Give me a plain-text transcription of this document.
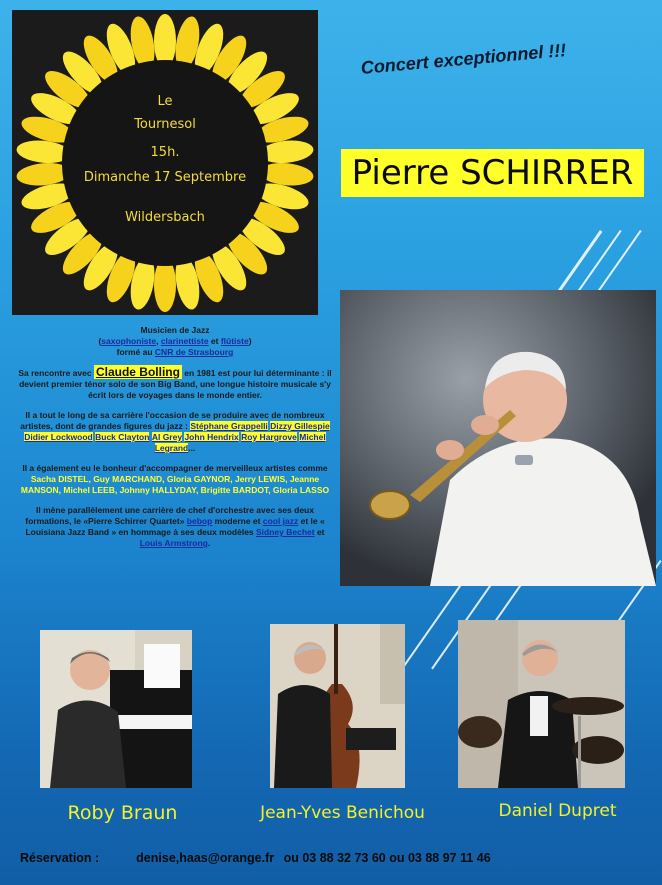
Le
Tournesol
15h.
Dimanche 17 Septembre
Wildersbach
Concert exceptionnel !!!
Pierre SCHIRRER

Musicien de Jazz
(saxophoniste, clarinettiste et flûtiste)
formé au CNR de Strasbourg

Sa rencontre avec Claude Bolling en 1981 est pour lui déterminante : il devient premier ténor solo de son Big Band, une longue histoire musicale s'y écrit lors de voyages dans le monde entier.

Il a tout le long de sa carrière l'occasion de se produire avec de nombreux artistes, dont de grandes figures du jazz : Stéphane Grappelli Dizzy Gillespie Didier Lockwood Buck Clayton Al Grey John Hendrix Roy Hargrove Michel Legrand...

Il a également eu le bonheur d'accompagner de merveilleux artistes comme Sacha DISTEL, Guy MARCHAND, Gloria GAYNOR, Jerry LEWIS, Jeanne MANSON, Michel LEEB, Johnny HALLYDAY, Brigitte BARDOT, Gloria LASSO

Il mène parallèlement une carrière de chef d'orchestre avec ses deux formations, le «Pierre Schirrer Quartet» bebop moderne et cool jazz et le « Louisiana Jazz Band » en hommage à ses deux modèles Sidney Bechet et Louis Armstrong.

Roby Braun	Jean-Yves Benichou	Daniel Dupret
Réservation :	denise,haas@orange.fr ou 03 88 32 73 60 ou 03 88 97 11 46
